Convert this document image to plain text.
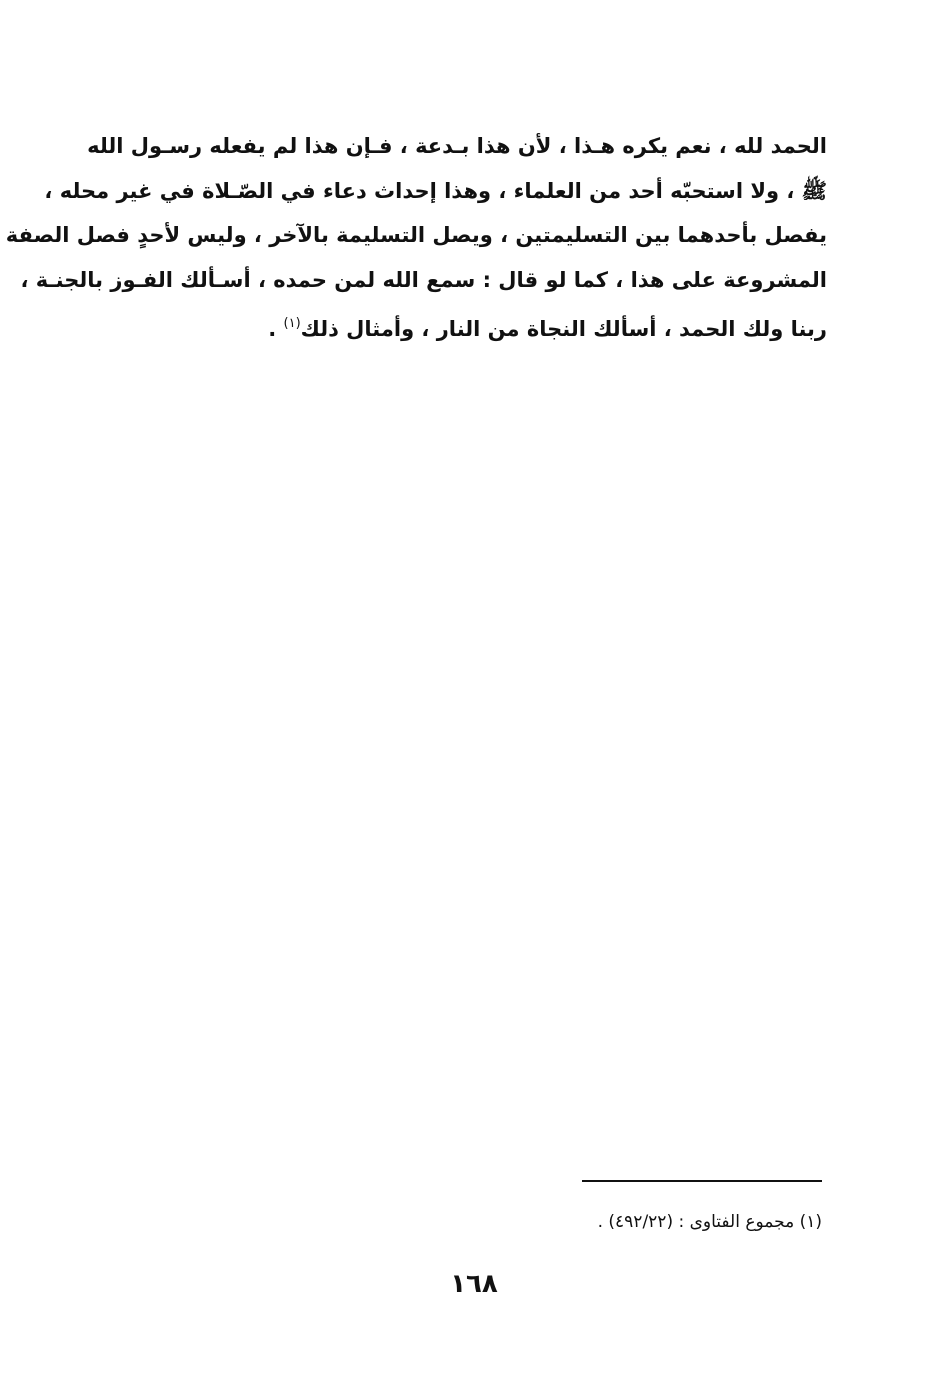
الحمد لله ، نعم يكره هـذا ، لأن هذا بـدعة ، فـإن هذا لم يفعله رسـول الله
ﷺ ، ولا استحبّه أحد من العلماء ، وهذا إحداث دعاء في الصّـلاة في غير محله ،
يفصل بأحدهما بين التسليمتين ، ويصل التسليمة بالآخر ، وليس لأحدٍ فصل الصفة
المشروعة على هذا ، كما لو قال : سمع الله لمن حمده ، أسـألك الفـوز بالجنـة ،
ربنا ولك الحمد ، أسألك النجاة من النار ، وأمثال ذلك$^{(١)}$ .
(١) مجموع الفتاوى : (٤٩٢/٢٢) .
١٦٨
